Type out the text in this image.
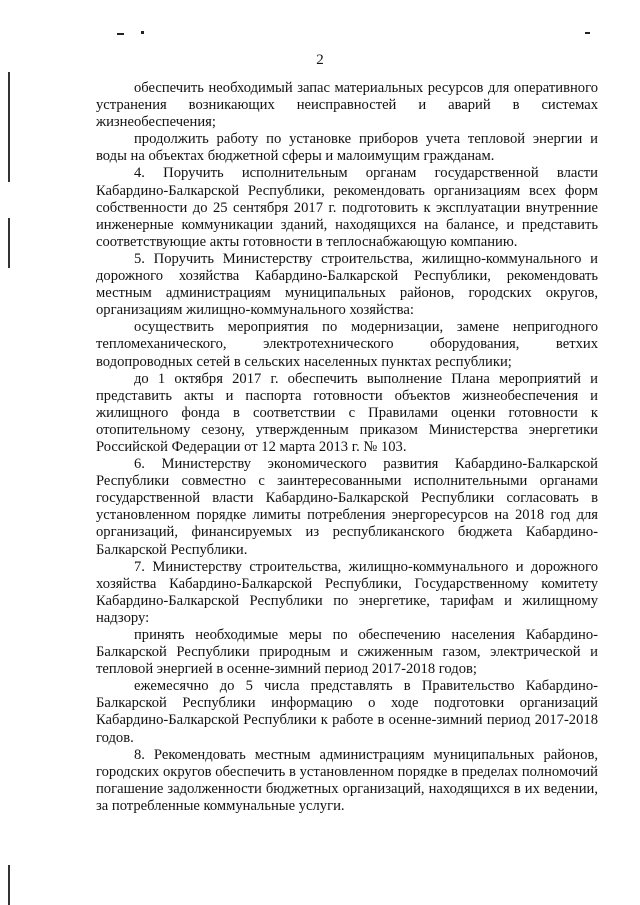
2

обеспечить необходимый запас материальных ресурсов для оперативного устранения возникающих неисправностей и аварий в системах жизнеобеспечения;

продолжить работу по установке приборов учета тепловой энергии и воды на объектах бюджетной сферы и малоимущим гражданам.

4. Поручить исполнительным органам государственной власти Кабардино-Балкарской Республики, рекомендовать организациям всех форм собственности до 25 сентября 2017 г. подготовить к эксплуатации внутренние инженерные коммуникации зданий, находящихся на балансе, и представить соответствующие акты готовности в теплоснабжающую компанию.

5. Поручить Министерству строительства, жилищно-коммунального и дорожного хозяйства Кабардино-Балкарской Республики, рекомендовать местным администрациям муниципальных районов, городских округов, организациям жилищно-коммунального хозяйства:

осуществить мероприятия по модернизации, замене непригодного тепломеханического, электротехнического оборудования, ветхих водопроводных сетей в сельских населенных пунктах республики;

до 1 октября 2017 г. обеспечить выполнение Плана мероприятий и представить акты и паспорта готовности объектов жизнеобеспечения и жилищного фонда в соответствии с Правилами оценки готовности к отопительному сезону, утвержденным приказом Министерства энергетики Российской Федерации от 12 марта 2013 г. № 103.

6. Министерству экономического развития Кабардино-Балкарской Республики совместно с заинтересованными исполнительными органами государственной власти Кабардино-Балкарской Республики согласовать в установленном порядке лимиты потребления энергоресурсов на 2018 год для организаций, финансируемых из республиканского бюджета Кабардино-Балкарской Республики.

7. Министерству строительства, жилищно-коммунального и дорожного хозяйства Кабардино-Балкарской Республики, Государственному комитету Кабардино-Балкарской Республики по энергетике, тарифам и жилищному надзору:

принять необходимые меры по обеспечению населения Кабардино-Балкарской Республики природным и сжиженным газом, электрической и тепловой энергией в осенне-зимний период 2017-2018 годов;

ежемесячно до 5 числа представлять в Правительство Кабардино-Балкарской Республики информацию о ходе подготовки организаций Кабардино-Балкарской Республики к работе в осенне-зимний период 2017-2018 годов.

8. Рекомендовать местным администрациям муниципальных районов, городских округов обеспечить в установленном порядке в пределах полномочий погашение задолженности бюджетных организаций, находящихся в их ведении, за потребленные коммунальные услуги.
